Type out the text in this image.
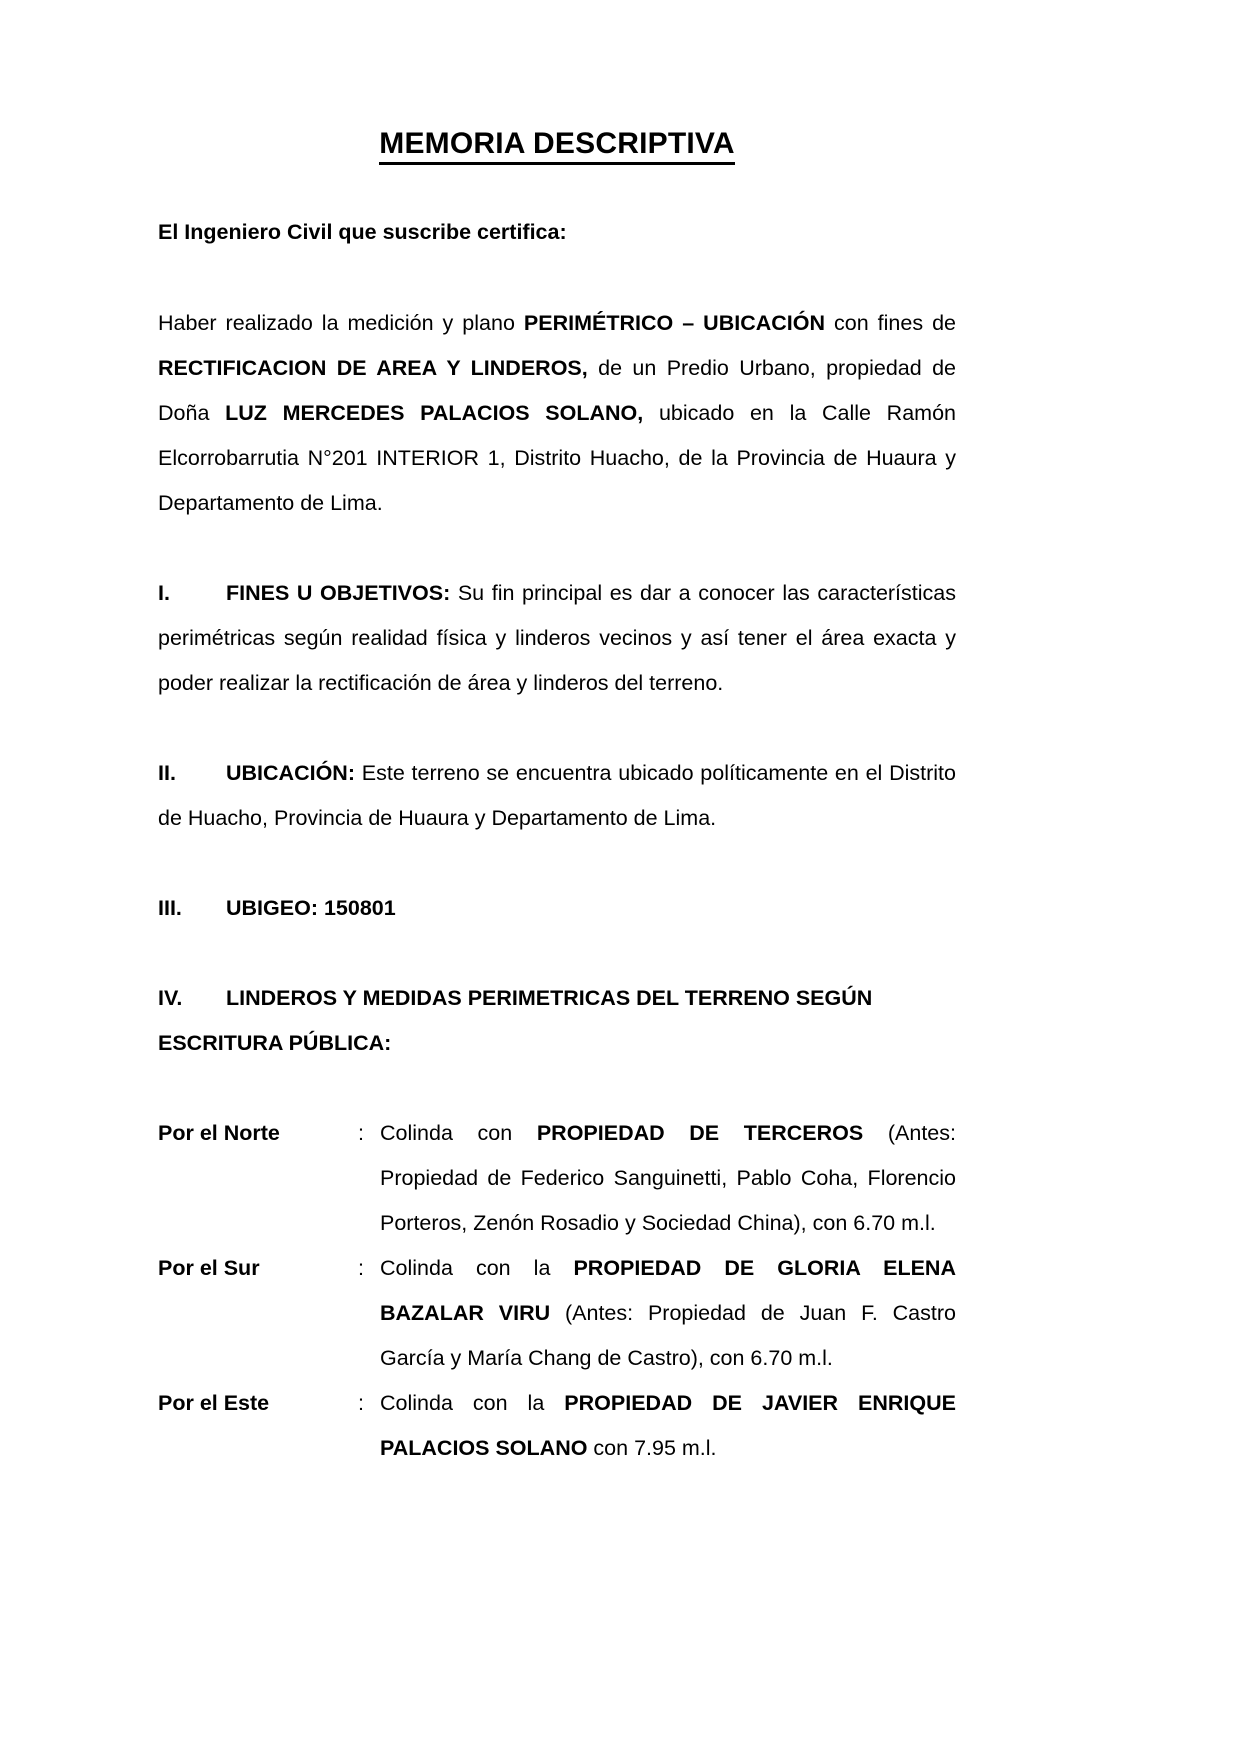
MEMORIA DESCRIPTIVA

El Ingeniero Civil que suscribe certifica:

Haber realizado la medición y plano PERIMÉTRICO – UBICACIÓN con fines de RECTIFICACION DE AREA Y LINDEROS, de un Predio Urbano, propiedad de Doña LUZ MERCEDES PALACIOS SOLANO, ubicado en la Calle Ramón Elcorrobarrutia N°201 INTERIOR 1, Distrito Huacho, de la Provincia de Huaura y Departamento de Lima.

I.	FINES U OBJETIVOS: Su fin principal es dar a conocer las características perimétricas según realidad física y linderos vecinos y así tener el área exacta y poder realizar la rectificación de área y linderos del terreno.

II. UBICACIÓN: Este terreno se encuentra ubicado políticamente en el Distrito de Huacho, Provincia de Huaura y Departamento de Lima.

III. UBIGEO: 150801

IV. LINDEROS Y MEDIDAS PERIMETRICAS DEL TERRENO SEGÚN

ESCRITURA PÚBLICA:

Por el Norte	: Colinda con PROPIEDAD DE TERCEROS (Antes: Propiedad de Federico Sanguinetti, Pablo Coha, Florencio Porteros, Zenón Rosadio y Sociedad China), con 6.70 m.l.
Por el Sur	: Colinda con la PROPIEDAD DE GLORIA ELENA BAZALAR VIRU (Antes: Propiedad de Juan F. Castro García y María Chang de Castro), con 6.70 m.l.
Por el Este	: Colinda con la PROPIEDAD DE JAVIER ENRIQUE PALACIOS SOLANO con 7.95 m.l.
